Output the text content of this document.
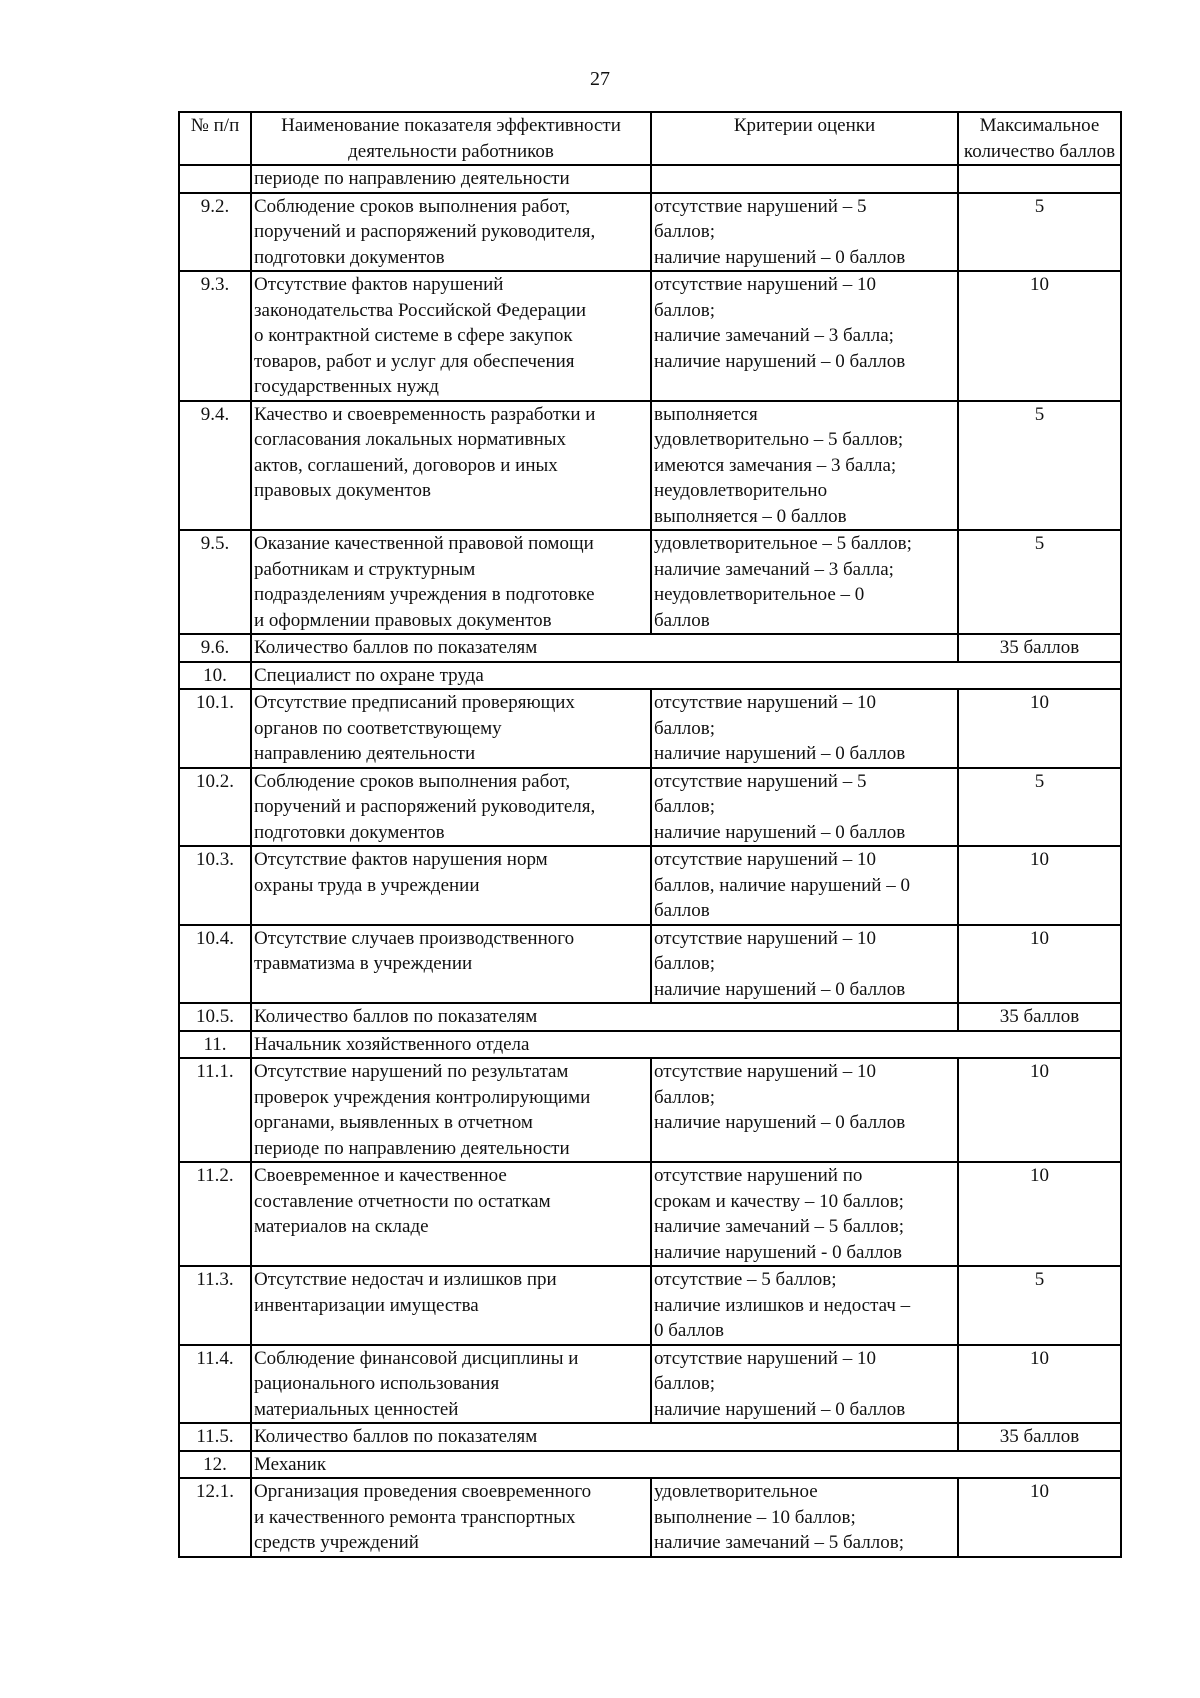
27
№ п/п	Наименование показателя эффективности деятельности работников	Критерии оценки	Максимальное количество баллов
	периоде по направлению деятельности		
9.2.	Соблюдение сроков выполнения работ,
поручений и распоряжений руководителя,
подготовки документов	отсутствие нарушений – 5
баллов;
наличие нарушений – 0 баллов	5
9.3.	Отсутствие фактов нарушений
законодательства Российской Федерации
о контрактной системе в сфере закупок
товаров, работ и услуг для обеспечения
государственных нужд	отсутствие нарушений – 10
баллов;
наличие замечаний – 3 балла;
наличие нарушений – 0 баллов	10
9.4.	Качество и своевременность разработки и
согласования локальных нормативных
актов, соглашений, договоров и иных
правовых документов	выполняется
удовлетворительно – 5 баллов;
имеются замечания – 3 балла;
неудовлетворительно
выполняется – 0 баллов	5
9.5.	Оказание качественной правовой помощи
работникам и структурным
подразделениям учреждения в подготовке
и оформлении правовых документов	удовлетворительное – 5 баллов;
наличие замечаний – 3 балла;
неудовлетворительное – 0
баллов	5
9.6.	Количество баллов по показателям		35 баллов
10.	Специалист по охране труда		
10.1.	Отсутствие предписаний проверяющих
органов по соответствующему
направлению деятельности	отсутствие нарушений – 10
баллов;
наличие нарушений – 0 баллов	10
10.2.	Соблюдение сроков выполнения работ,
поручений и распоряжений руководителя,
подготовки документов	отсутствие нарушений – 5
баллов;
наличие нарушений – 0 баллов	5
10.3.	Отсутствие фактов нарушения норм
охраны труда в учреждении	отсутствие нарушений – 10
баллов, наличие нарушений – 0
баллов	10
10.4.	Отсутствие случаев производственного
травматизма в учреждении	отсутствие нарушений – 10
баллов;
наличие нарушений – 0 баллов	10
10.5.	Количество баллов по показателям		35 баллов
11.	Начальник хозяйственного отдела		
11.1.	Отсутствие нарушений по результатам
проверок учреждения контролирующими
органами, выявленных в отчетном
периоде по направлению деятельности	отсутствие нарушений – 10
баллов;
наличие нарушений – 0 баллов	10
11.2.	Своевременное и качественное
составление отчетности по остаткам
материалов на складе	отсутствие нарушений по
срокам и качеству – 10 баллов;
наличие замечаний – 5 баллов;
наличие нарушений - 0 баллов	10
11.3.	Отсутствие недостач и излишков при
инвентаризации имущества	отсутствие – 5 баллов;
наличие излишков и недостач –
0 баллов	5
11.4.	Соблюдение финансовой дисциплины и
рационального использования
материальных ценностей	отсутствие нарушений – 10
баллов;
наличие нарушений – 0 баллов	10
11.5.	Количество баллов по показателям		35 баллов
12.	Механик		
12.1.	Организация проведения своевременного
и качественного ремонта транспортных
средств учреждений	удовлетворительное
выполнение – 10 баллов;
наличие замечаний – 5 баллов;	10
